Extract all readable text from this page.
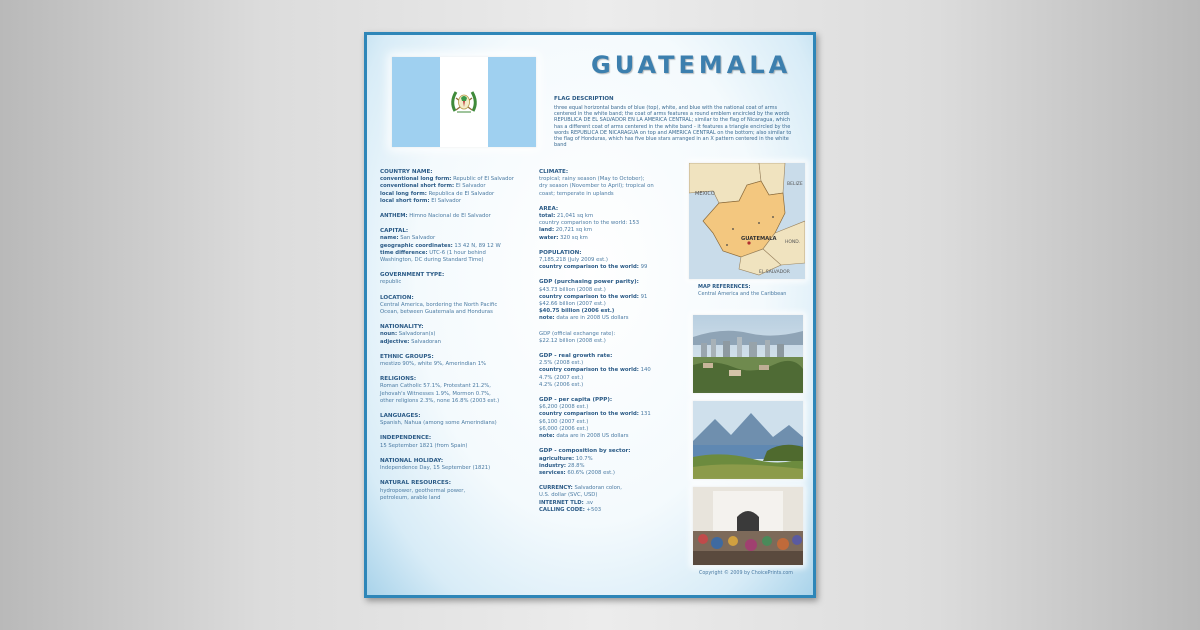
GUATEMALA
FLAG DESCRIPTION
three equal horizontal bands of blue (top), white, and blue with the national coat of arms centered in the white band; the coat of arms features a round emblem encircled by the words REPUBLICA DE EL SALVADOR EN LA AMERICA CENTRAL; similar to the flag of Nicaragua, which has a different coat of arms centered in the white band - it features a triangle encircled by the words REPUBLICA DE NICARAGUA on top and AMERICA CENTRAL on the bottom; also similar to the flag of Honduras, which has five blue stars arranged in an X pattern centered in the white band
COUNTRY NAME:
conventional long form: Republic of El Salvador
conventional short form: El Salvador
local long form: Republica de El Salvador
local short form: El Salvador
ANTHEM: Himno Nacional de El Salvador
CAPITAL:
name: San Salvador
geographic coordinates: 13 42 N, 89 12 W
time difference: UTC-6 (1 hour behind
Washington, DC during Standard Time)
GOVERNMENT TYPE:
republic
LOCATION:
Central America, bordering the North Pacific
Ocean, between Guatemala and Honduras
NATIONALITY:
noun: Salvadoran(s)
adjective: Salvadoran
ETHNIC GROUPS:
mestizo 90%, white 9%, Amerindian 1%
RELIGIONS:
Roman Catholic 57.1%, Protestant 21.2%,
Jehovah's Witnesses 1.9%, Mormon 0.7%,
other religions 2.3%, none 16.8% (2003 est.)
LANGUAGES:
Spanish, Nahua (among some Amerindians)
INDEPENDENCE:
15 September 1821 (from Spain)
NATIONAL HOLIDAY:
Independence Day, 15 September (1821)
NATURAL RESOURCES:
hydropower, geothermal power,
petroleum, arable land
CLIMATE:
tropical; rainy season (May to October);
dry season (November to April); tropical on
coast; temperate in uplands
AREA:
total: 21,041 sq km
country comparison to the world: 153
land: 20,721 sq km
water: 320 sq km
POPULATION:
7,185,218 (July 2009 est.)
country comparison to the world: 99
GDP (purchasing power parity):
$43.73 billion (2008 est.)
country comparison to the world: 91
$42.66 billion (2007 est.)
$40.75 billion (2006 est.)
note: data are in 2008 US dollars
GDP (official exchange rate):
$22.12 billion (2008 est.)
GDP - real growth rate:
2.5% (2008 est.)
country comparison to the world: 140
4.7% (2007 est.)
4.2% (2006 est.)
GDP - per capita (PPP):
$6,200 (2008 est.)
country comparison to the world: 131
$6,100 (2007 est.)
$6,000 (2006 est.)
note: data are in 2008 US dollars
GDP - composition by sector:
agriculture: 10.7%
industry: 28.8%
services: 60.6% (2008 est.)
CURRENCY: Salvadoran colon,
U.S. dollar (SVC, USD)
INTERNET TLD: .sv
CALLING CODE: +503
MEXICO
BELIZE
GUATEMALA
HOND.
EL SALVADOR
MAP REFERENCES:
Central America and the Caribbean
Copyright © 2009 by ChoicePrints.com
